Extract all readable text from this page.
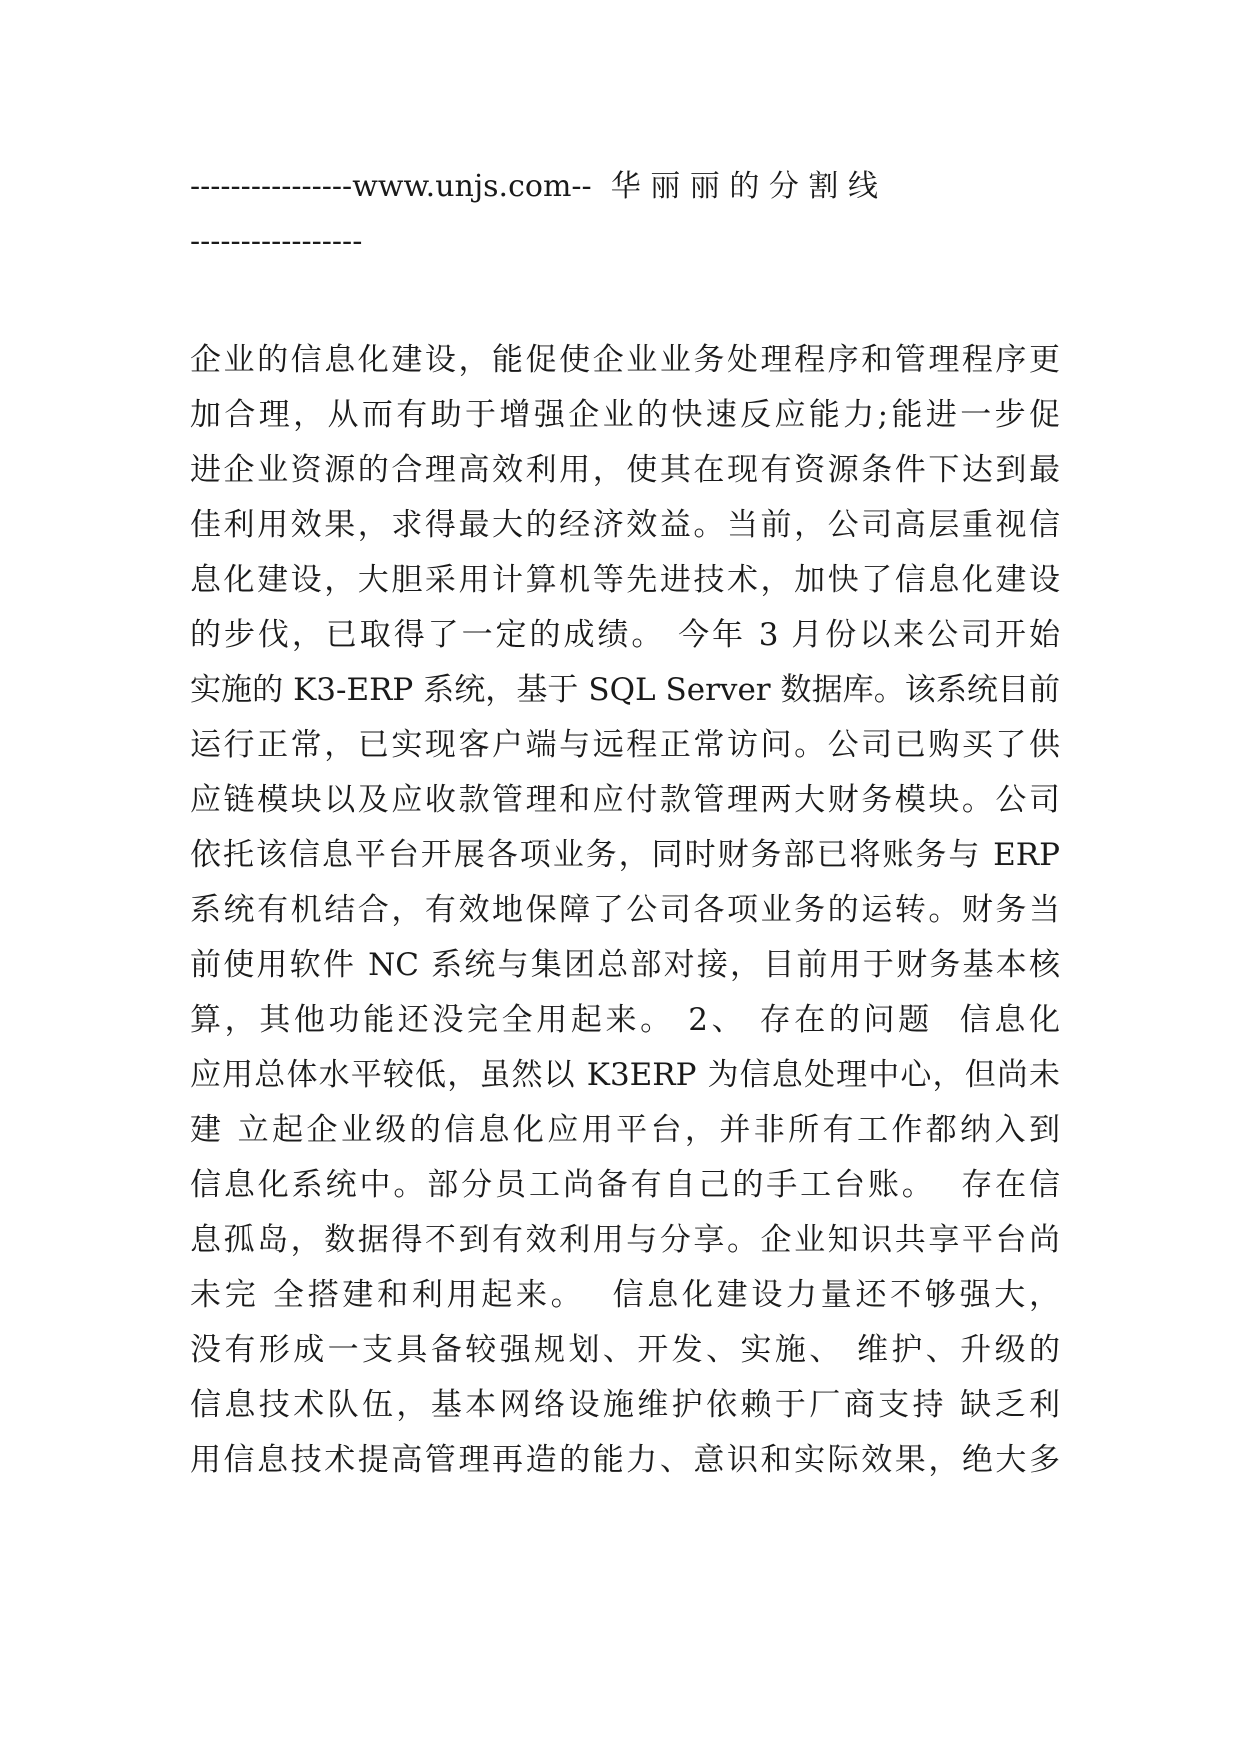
----------------www.unjs.com--  华 丽 丽 的 分 割 线
-----------------
企业的信息化建设，能促使企业业务处理程序和管理程序更
加合理，从而有助于增强企业的快速反应能力;能进一步促
进企业资源的合理高效利用，使其在现有资源条件下达到最
佳利用效果，求得最大的经济效益。当前，公司高层重视信
息化建设，大胆采用计算机等先进技术，加快了信息化建设
的步伐，已取得了一定的成绩。 今年 3 月份以来公司开始
实施的 K3-ERP 系统，基于 SQL Server 数据库。该系统目前
运行正常，已实现客户端与远程正常访问。公司已购买了供
应链模块以及应收款管理和应付款管理两大财务模块。公司
依托该信息平台开展各项业务，同时财务部已将账务与 ERP
系统有机结合，有效地保障了公司各项业务的运转。财务当
前使用软件 NC 系统与集团总部对接，目前用于财务基本核
算，其他功能还没完全用起来。 2、 存在的问题  信息化
应用总体水平较低，虽然以 K3ERP 为信息处理中心，但尚未
建 立起企业级的信息化应用平台，并非所有工作都纳入到
信息化系统中。部分员工尚备有自己的手工台账。  存在信
息孤岛，数据得不到有效利用与分享。企业知识共享平台尚
未完 全搭建和利用起来。  信息化建设力量还不够强大，
没有形成一支具备较强规划、开发、实施、 维护、升级的
信息技术队伍，基本网络设施维护依赖于厂商支持 缺乏利
用信息技术提高管理再造的能力、意识和实际效果，绝大多
